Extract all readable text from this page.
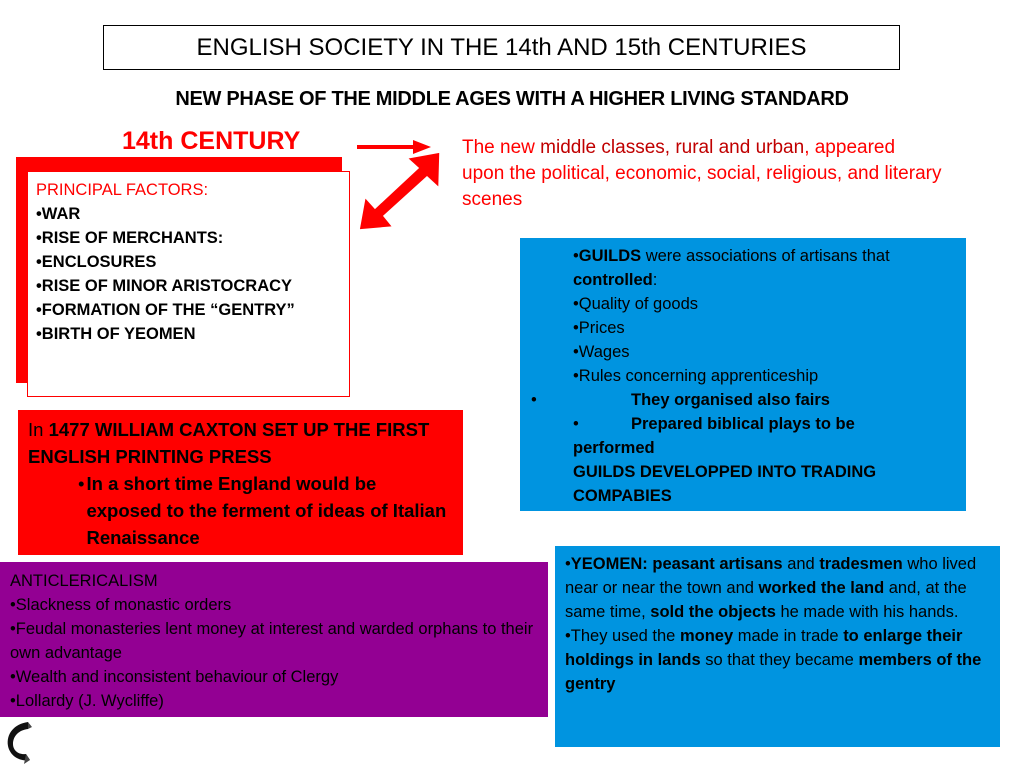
ENGLISH SOCIETY IN THE 14th AND 15th CENTURIES
NEW PHASE OF THE MIDDLE AGES WITH A HIGHER LIVING STANDARD
14th CENTURY	The new middle classes, rural and urban, appeared upon the political, economic, social, religious, and literary scenes
PRINCIPAL FACTORS:
•WAR
•RISE OF MERCHANTS:
•ENCLOSURES
•RISE OF MINOR ARISTOCRACY
•FORMATION OF THE “GENTRY”
•BIRTH OF YEOMEN
•GUILDS were associations of artisans that
controlled:
•Quality of goods
•Prices
•Wages
•Rules concerning apprenticeship
•	They organised also fairs
•	Prepared biblical plays to be
performed
GUILDS DEVELOPPED INTO TRADING
COMPABIES
In 1477 WILLIAM CAXTON SET UP THE FIRST ENGLISH PRINTING PRESS
• In a short time England would be exposed to the ferment of ideas of Italian Renaissance
ANTICLERICALISM
•Slackness of monastic orders
•Feudal monasteries lent money at interest and warded orphans to their own advantage
•Wealth and inconsistent behaviour of Clergy
•Lollardy (J. Wycliffe)
•YEOMEN: peasant artisans and tradesmen who lived near or near the town and worked the land and, at the same time, sold the objects he made with his hands.
•They used the money made in trade to enlarge their holdings in lands so that they became members of the gentry
